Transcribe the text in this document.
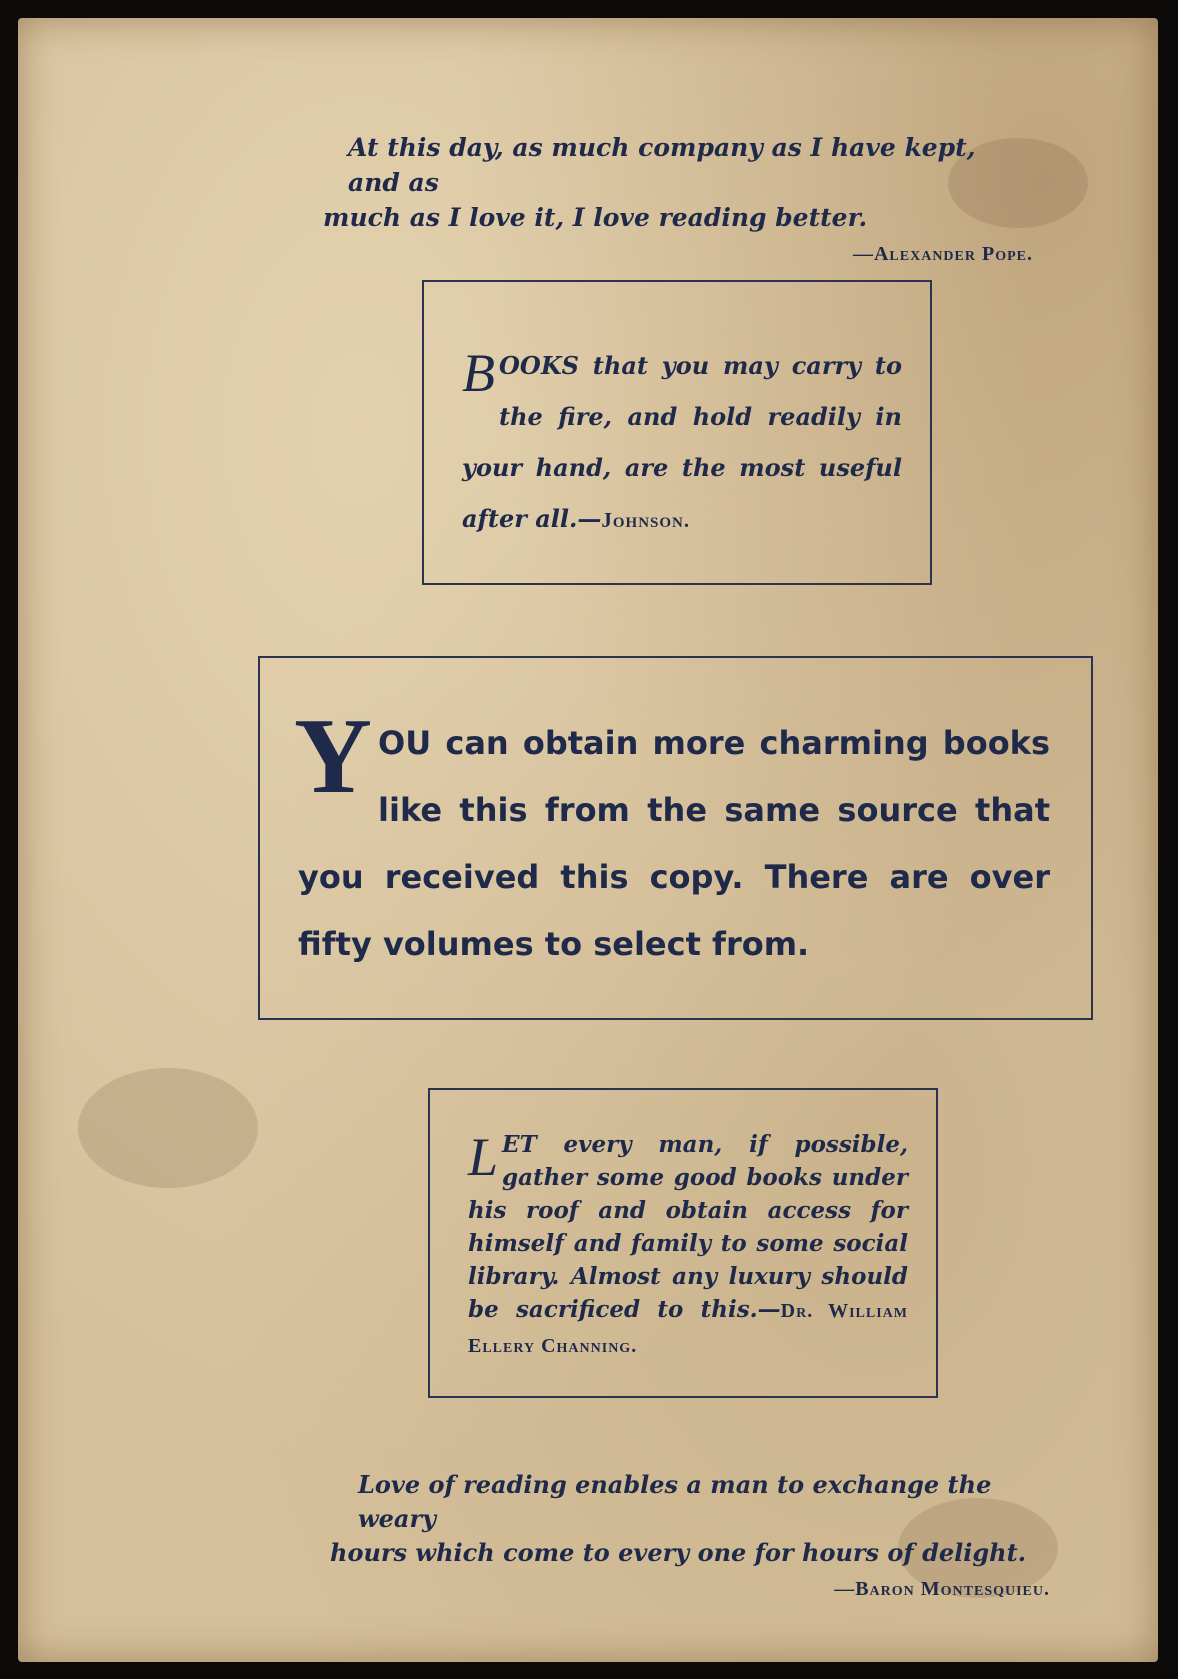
At this day, as much company as I have kept, and as
much as I love it, I love reading better.
—Alexander Pope.
B OOKS that you may carry to the fire, and hold readily in your hand, are the most useful after all.—Johnson.
Y OU can obtain more charming books like this from the same source that you received this copy. There are over fifty volumes to select from.
L ET every man, if possible, gather some good books under his roof and obtain access for himself and family to some social library. Almost any luxury should be sacrificed to this.—Dr. William Ellery Channing.
Love of reading enables a man to exchange the weary
hours which come to every one for hours of delight.
—Baron Montesquieu.
